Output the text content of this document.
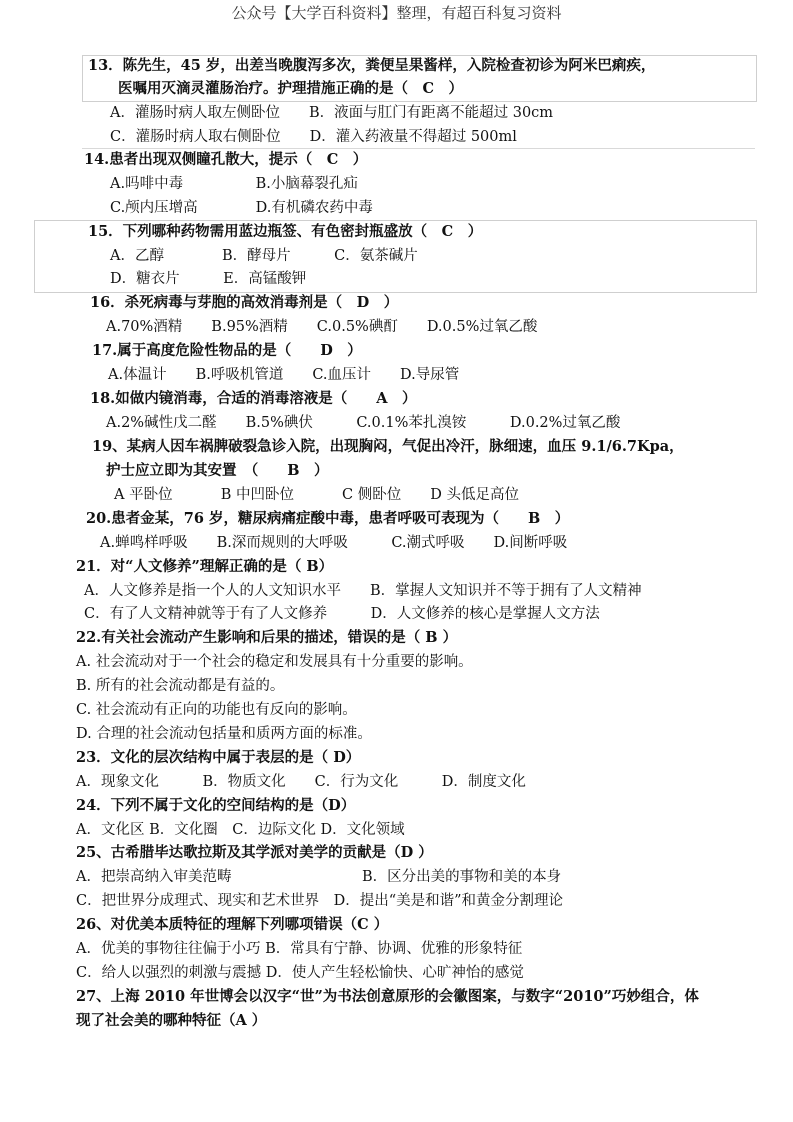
公众号【大学百科资料】整理，有超百科复习资料
13．陈先生，45 岁，出差当晚腹泻多次，粪便呈果酱样，入院检查初诊为阿米巴痢疾，
医嘱用灭滴灵灌肠治疗。护理措施正确的是（　C　）
A．灌肠时病人取左侧卧位　　B．液面与肛门有距离不能超过 30cm
C．灌肠时病人取右侧卧位　　D．灌入药液量不得超过 500ml
14.患者出现双侧瞳孔散大，提示（　C　）
A.吗啡中毒　　　　　B.小脑幕裂孔疝
C.颅内压增高　　　　D.有机磷农药中毒
15．下列哪种药物需用蓝边瓶签、有色密封瓶盛放（　C　）
A．乙醇　　　　B．酵母片　　　C．氨茶碱片
D．糖衣片　　　E．高锰酸钾
16．杀死病毒与芽胞的高效消毒剂是（　D　）
A.70%酒精　　B.95%酒精　　C.0.5%碘酊　　D.0.5%过氧乙酸
17.属于高度危险性物品的是（　　D　）
A.体温计　　B.呼吸机管道　　C.血压计　　D.导尿管
18.如做内镜消毒，合适的消毒溶液是（　　A　）
A.2%碱性戊二醛　　B.5%碘伏　　　C.0.1%苯扎溴铵　　　D.0.2%过氧乙酸
19、某病人因车祸脾破裂急诊入院，出现胸闷，气促出冷汗，脉细速，血压 9.1/6.7Kpa，
护士应立即为其安置　（　　B　）
A 平卧位　　　 B 中凹卧位　　　 C 侧卧位　　D 头低足高位
20.患者金某，76 岁，糖尿病痛症酸中毒，患者呼吸可表现为（　　B　）
A.蝉鸣样呼吸　　B.深而规则的大呼吸　　　C.潮式呼吸　　D.间断呼吸
21．对“人文修养”理解正确的是（ B）
A．人文修养是指一个人的人文知识水平　　B．掌握人文知识并不等于拥有了人文精神
C．有了人文精神就等于有了人文修养　　　D．人文修养的核心是掌握人文方法
22.有关社会流动产生影响和后果的描述，错误的是（ B ）
A. 社会流动对于一个社会的稳定和发展具有十分重要的影响。
B. 所有的社会流动都是有益的。
C. 社会流动有正向的功能也有反向的影响。
D. 合理的社会流动包括量和质两方面的标准。
23．文化的层次结构中属于表层的是（ D）
A．现象文化　　　B．物质文化　　C．行为文化　　　D．制度文化
24．下列不属于文化的空间结构的是（D）
A．文化区 B．文化圈　C．边际文化 D．文化领域
25、古希腊毕达歌拉斯及其学派对美学的贡献是（D ）
A．把崇高纳入审美范畴　　　　　　　　　B．区分出美的事物和美的本身
C．把世界分成理式、现实和艺术世界　D．提出“美是和谐”和黄金分割理论
26、对优美本质特征的理解下列哪项错误（C ）
A．优美的事物往往偏于小巧 B．常具有宁静、协调、优雅的形象特征
C．给人以强烈的刺激与震撼 D．使人产生轻松愉快、心旷神怡的感觉
27、上海 2010 年世博会以汉字“世”为书法创意原形的会徽图案，与数字“2010”巧妙组合，体
现了社会美的哪种特征（A ）
